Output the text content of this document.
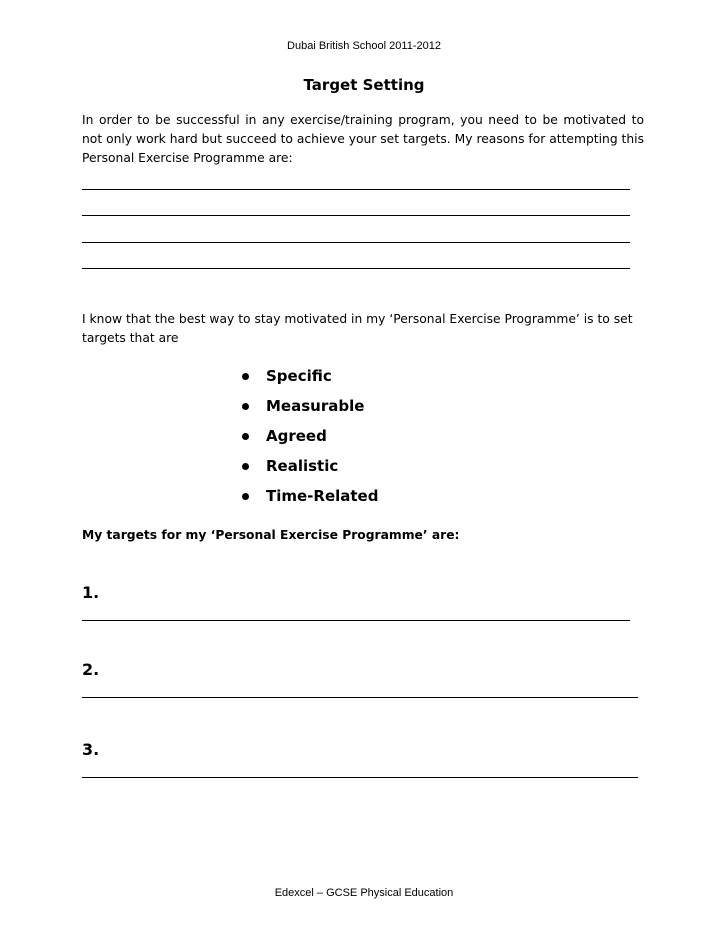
Dubai British School 2011-2012
Target Setting
In order to be successful in any exercise/training program, you need to be motivated to not only work hard but succeed to achieve your set targets. My reasons for attempting this Personal Exercise Programme are:
I know that the best way to stay motivated in my ‘Personal Exercise Programme’ is to set targets that are
Specific
Measurable
Agreed
Realistic
Time-Related
My targets for my ‘Personal Exercise Programme’ are:
1.
2.
3.
Edexcel – GCSE Physical Education
